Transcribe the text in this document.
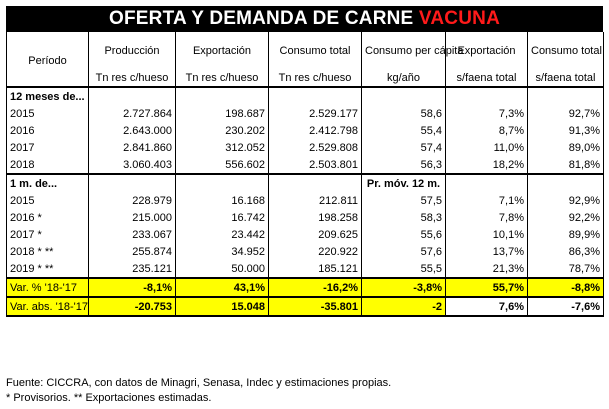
OFERTA Y DEMANDA DE CARNE VACUNA
Período	Producción	Exportación	Consumo total	Consumo per cápita	Exportación	Consumo total
	Tn res c/hueso	Tn res c/hueso	Tn res c/hueso	kg/año	s/faena total	s/faena total
12 meses de...						
2015	2.727.864	198.687	2.529.177	58,6	7,3%	92,7%
2016	2.643.000	230.202	2.412.798	55,4	8,7%	91,3%
2017	2.841.860	312.052	2.529.808	57,4	11,0%	89,0%
2018	3.060.403	556.602	2.503.801	56,3	18,2%	81,8%
1 m. de...				Pr. móv. 12 m.		
2015	228.979	16.168	212.811	57,5	7,1%	92,9%
2016 *	215.000	16.742	198.258	58,3	7,8%	92,2%
2017 *	233.067	23.442	209.625	55,6	10,1%	89,9%
2018 * **	255.874	34.952	220.922	57,6	13,7%	86,3%
2019 * **	235.121	50.000	185.121	55,5	21,3%	78,7%
Var. % '18-'17	-8,1%	43,1%	-16,2%	-3,8%	55,7%	-8,8%
Var. abs. '18-'17	-20.753	15.048	-35.801	-2	7,6%	-7,6%
Fuente: CICCRA, con datos de Minagri, Senasa, Indec y estimaciones propias.
* Provisorios. ** Exportaciones estimadas.
